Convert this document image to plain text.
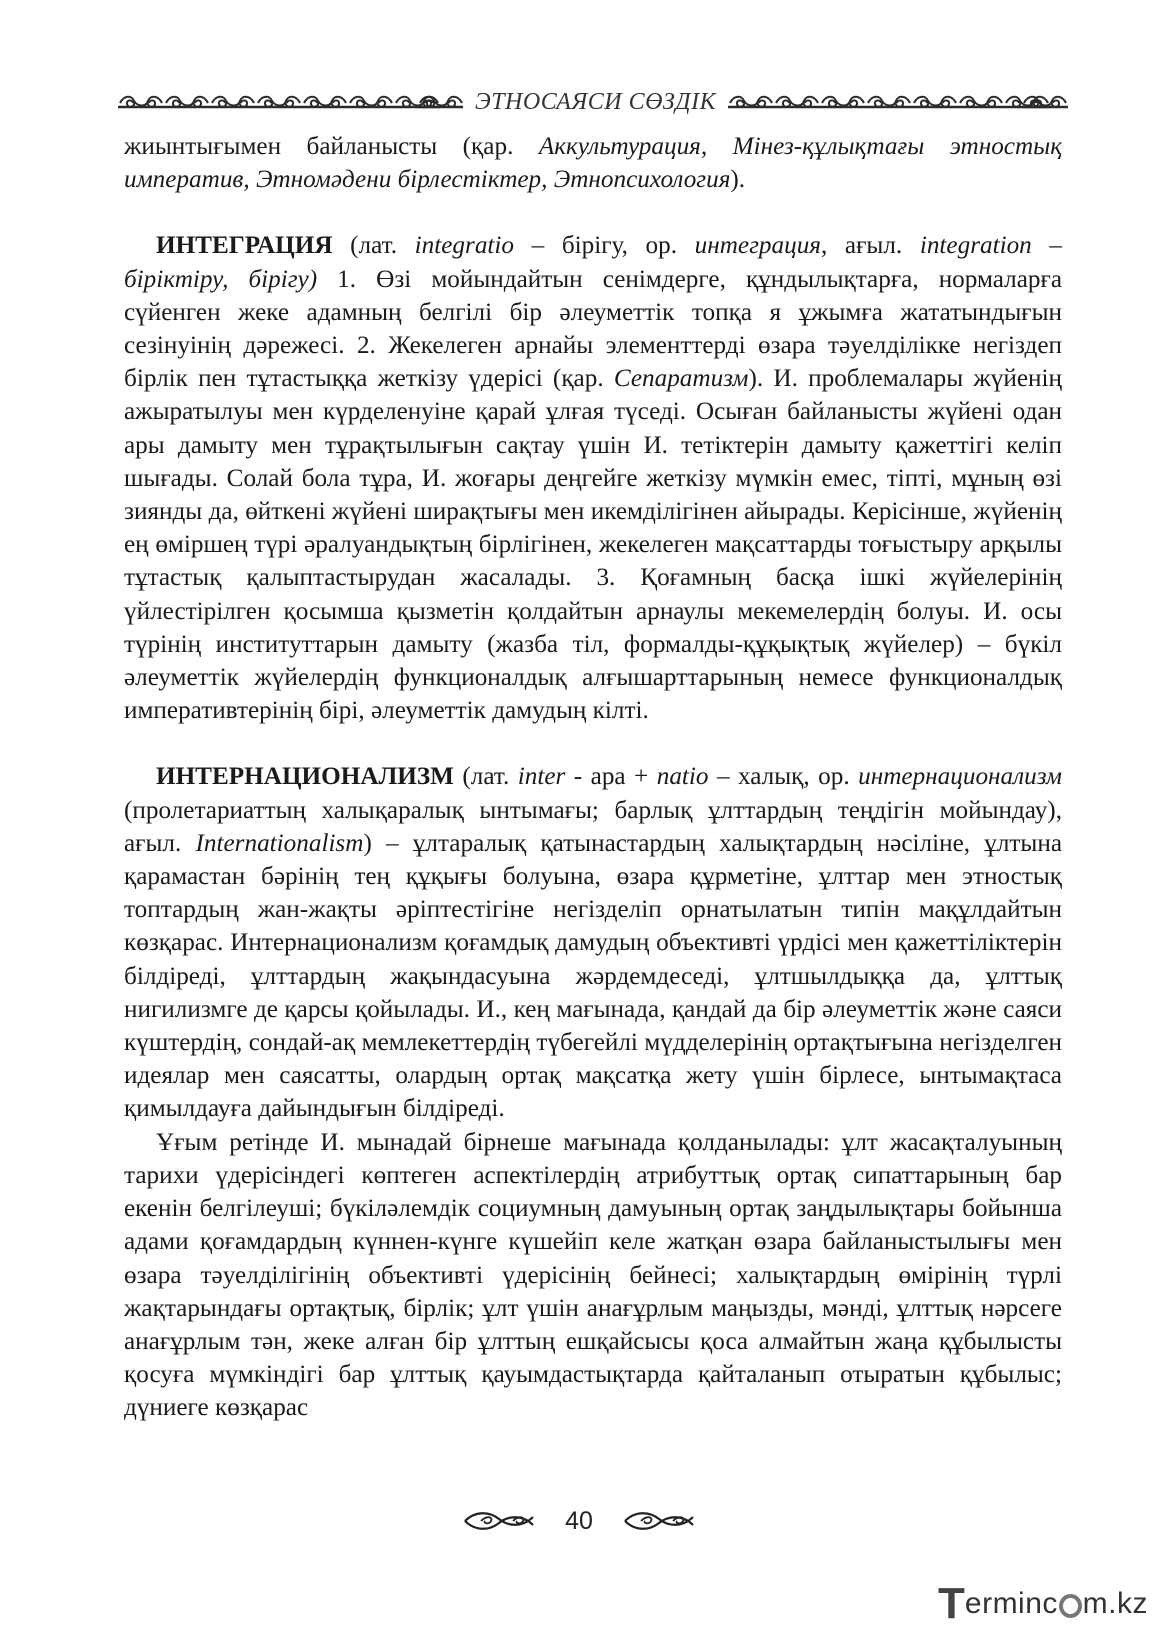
ЭТНОСАЯСИ СӨЗДІК

жиынтығымен байланысты (қар. Аккультурация, Мінез-құлықтағы этностық императив, Этномәдени бірлестіктер, Этнопсихология).

ИНТЕГРАЦИЯ (лат. integratio – бірігу, ор. интеграция, ағыл. integration – біріктіру, бірігу) 1. Өзі мойындайтын сенімдерге, құндылықтарға, нормаларға сүйенген жеке адамның белгілі бір әлеуметтік топқа я ұжымға жататындығын сезінуінің дәрежесі. 2. Жекелеген арнайы элементтерді өзара тәуелділікке негіздеп бірлік пен тұтастыққа жеткізу үдерісі (қар. Сепаратизм). И. проблемалары жүйенің ажыратылуы мен күрделенуіне қарай ұлғая түседі. Осыған байланысты жүйені одан ары дамыту мен тұрақтылығын сақтау үшін И. тетіктерін дамыту қажеттігі келіп шығады. Солай бола тұра, И. жоғары деңгейге жеткізу мүмкін емес, тіпті, мұның өзі зиянды да, өйткені жүйені ширақтығы мен икемділігінен айырады. Керісінше, жүйенің ең өміршең түрі әралуандықтың бірлігінен, жекелеген мақсаттарды тоғыстыру арқылы тұтастық қалыптастырудан жасалады. 3. Қоғамның басқа ішкі жүйелерінің үйлестірілген қосымша қызметін қолдайтын арнаулы мекемелердің болуы. И. осы түрінің институттарын дамыту (жазба тіл, формалды-құқықтық жүйелер) – бүкіл әлеуметтік жүйелердің функционалдық алғышарттарының немесе функционалдық императивтерінің бірі, әлеуметтік дамудың кілті.

ИНТЕРНАЦИОНАЛИЗМ (лат. inter - ара + natio – халық, ор. интернационализм (пролетариаттың халықаралық ынтымағы; барлық ұлттардың теңдігін мойындау), ағыл. Internationalism) – ұлтаралық қатынастардың халықтардың нәсіліне, ұлтына қарамастан бәрінің тең құқығы болуына, өзара құрметіне, ұлттар мен этностық топтардың жан-жақты әріптестігіне негізделіп орнатылатын типін мақұлдайтын көзқарас. Интернационализм қоғамдық дамудың объективті үрдісі мен қажеттіліктерін білдіреді, ұлттардың жақындасуына жәрдемдеседі, ұлтшылдыққа да, ұлттық нигилизмге де қарсы қойылады. И., кең мағынада, қандай да бір әлеуметтік және саяси күштердің, сондай-ақ мемлекеттердің түбегейлі мүдделерінің ортақтығына негізделген идеялар мен саясатты, олардың ортақ мақсатқа жету үшін бірлесе, ынтымақтаса қимылдауға дайындығын білдіреді.

Ұғым ретінде И. мынадай бірнеше мағынада қолданылады: ұлт жасақталуының тарихи үдерісіндегі көптеген аспектілердің атрибуттық ортақ сипаттарының бар екенін белгілеуші; бүкіләлемдік социумның дамуының ортақ заңдылықтары бойынша адами қоғамдардың күннен-күнге күшейіп келе жатқан өзара байланыстылығы мен өзара тәуелділігінің объективті үдерісінің бейнесі; халықтардың өмірінің түрлі жақтарындағы ортақтық, бірлік; ұлт үшін анағұрлым маңызды, мәнді, ұлттық нәрсеге анағұрлым тән, жеке алған бір ұлттың ешқайсысы қоса алмайтын жаңа құбылысты қосуға мүмкіндігі бар ұлттық қауымдастықтарда қайталанып отыратын құбылыс; дүниеге көзқарас

40
T erminc m.kz
